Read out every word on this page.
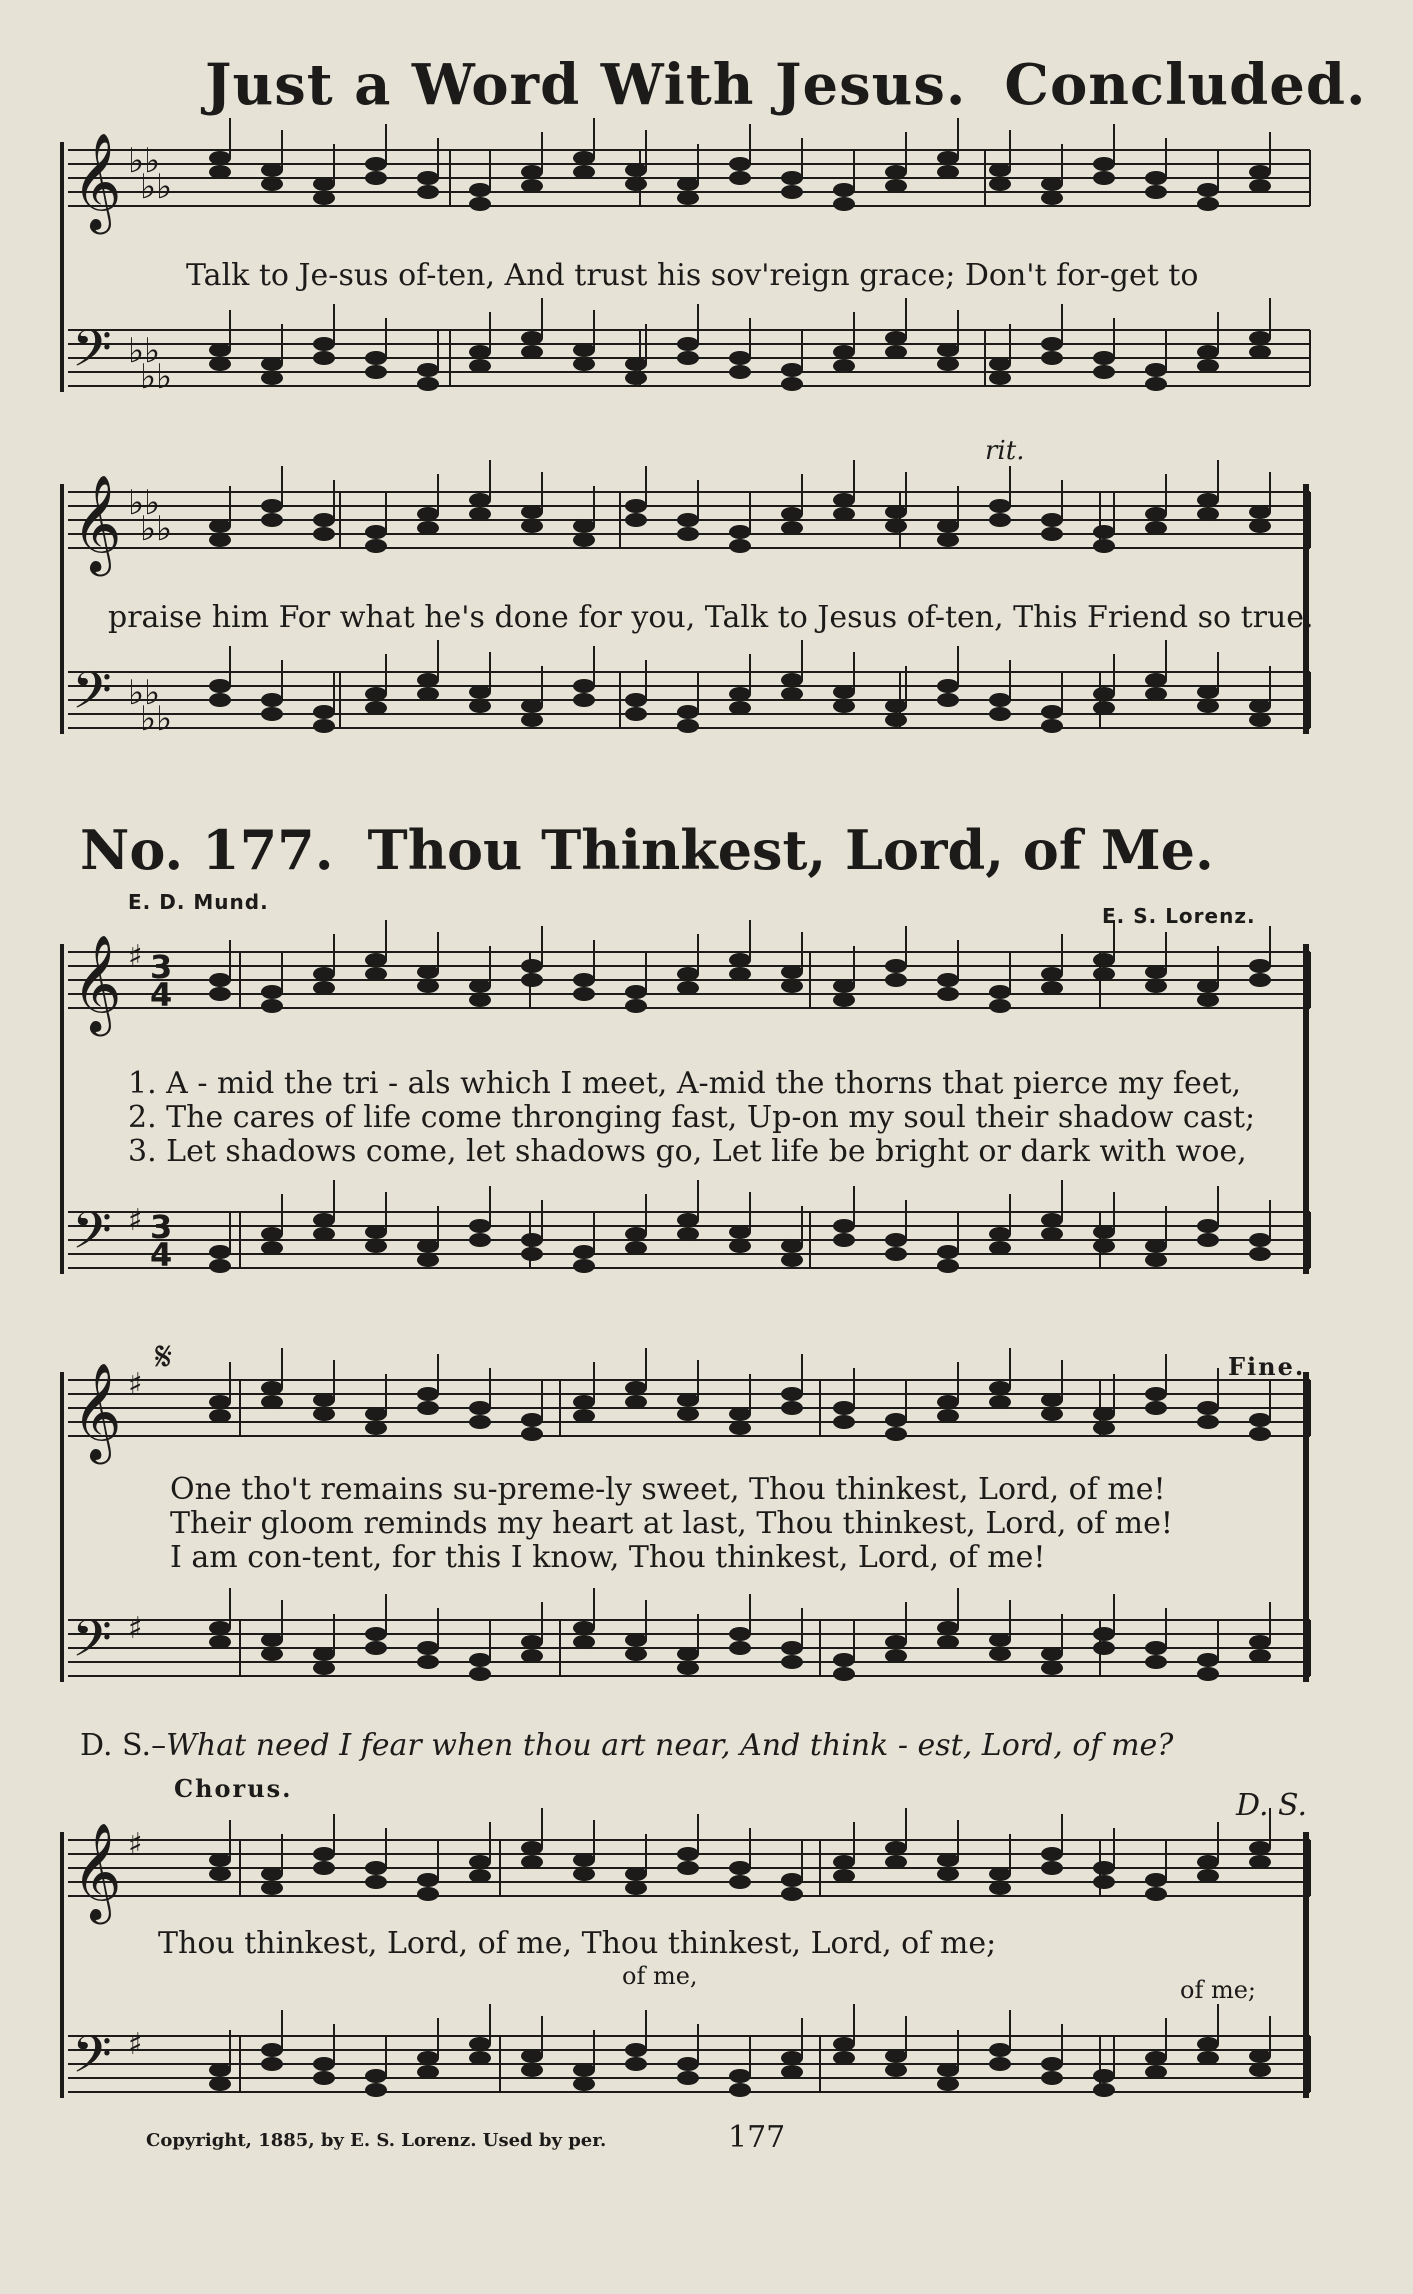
Just a Word With Jesus. Concluded.
𝄞
𝄢
𝄞
𝄢
𝄞
𝄢
𝄞
𝄢
𝄞
𝄢
♭♭
♭♭
♭♭
♭♭
♭♭
♭♭
♭♭
♭♭
♯
♯
♯
♯
♯
♯
3
4
3
4
𝄋
Talk to Je-sus of-ten, And trust his sov'reign grace; Don't for-get to
rit.
praise him For what he's done for you, Talk to Jesus of-ten, This Friend so true.
No. 177. Thou Thinkest, Lord, of Me.
E. D. Mund.
E. S. Lorenz.
1. A - mid the tri - als which I meet, A-mid the thorns that pierce my feet,
2. The cares of life come thronging fast, Up-on my soul their shadow cast;
3. Let shadows come, let shadows go, Let life be bright or dark with woe,
One tho't remains su-preme-ly sweet, Thou thinkest, Lord, of me!
Their gloom reminds my heart at last, Thou thinkest, Lord, of me!
I am con-tent, for this I know, Thou thinkest, Lord, of me!
Fine.
D. S.–What need I fear when thou art near, And think - est, Lord, of me?
Chorus.	D. S.
Thou thinkest, Lord, of me, Thou thinkest, Lord, of me;
of me,	of me;
Copyright, 1885, by E. S. Lorenz. Used by per.	177
